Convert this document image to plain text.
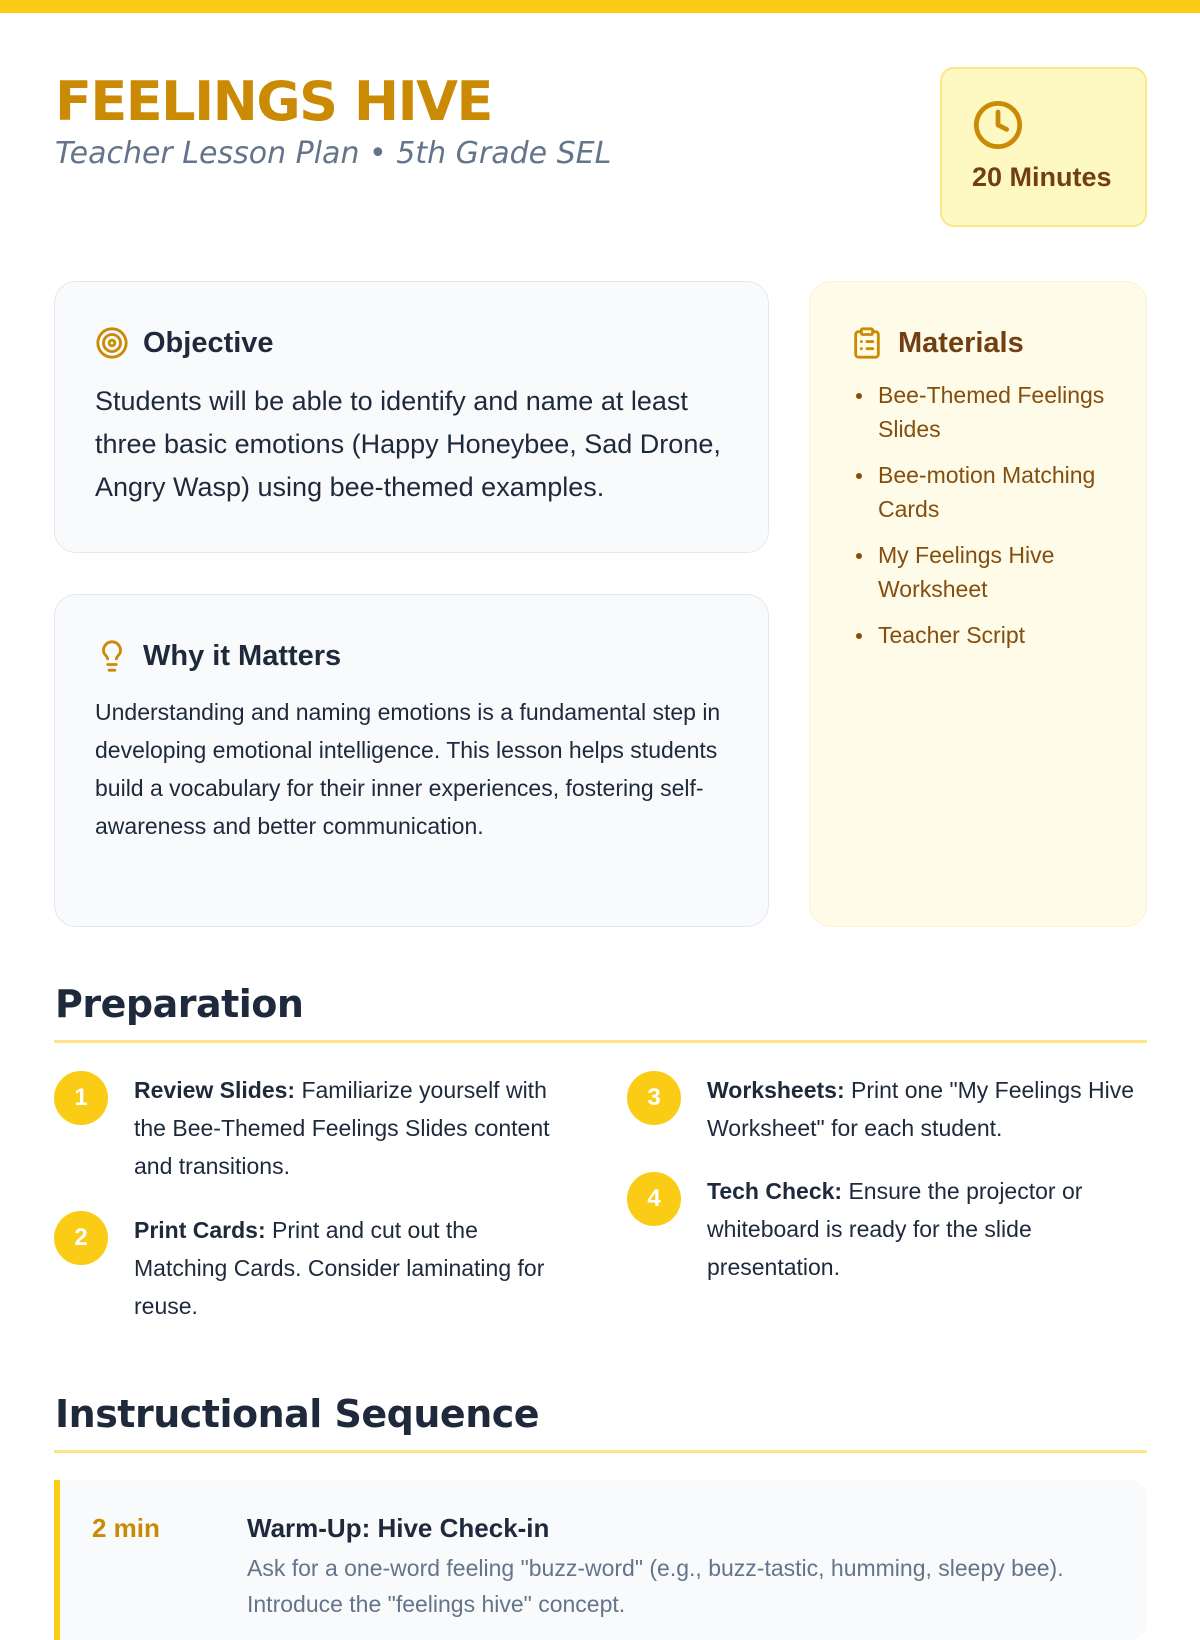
FEELINGS HIVE
Teacher Lesson Plan • 5th Grade SEL
20 Minutes
Objective
Students will be able to identify and name at least three basic emotions (Happy Honeybee, Sad Drone, Angry Wasp) using bee-themed examples.
Why it Matters
Understanding and naming emotions is a fundamental step in developing emotional intelligence. This lesson helps students build a vocabulary for their inner experiences, fostering self-awareness and better communication.
Materials
Bee-Themed Feelings Slides
Bee-motion Matching Cards
My Feelings Hive Worksheet
Teacher Script
Preparation
1	Review Slides: Familiarize yourself with the Bee-Themed Feelings Slides content and transitions.
2	Print Cards: Print and cut out the Matching Cards. Consider laminating for reuse.
3	Worksheets: Print one "My Feelings Hive Worksheet" for each student.
4	Tech Check: Ensure the projector or whiteboard is ready for the slide presentation.
Instructional Sequence
2 min	Warm-Up: Hive Check-in
Ask for a one-word feeling "buzz-word" (e.g., buzz-tastic, humming, sleepy bee). Introduce the "feelings hive" concept.
